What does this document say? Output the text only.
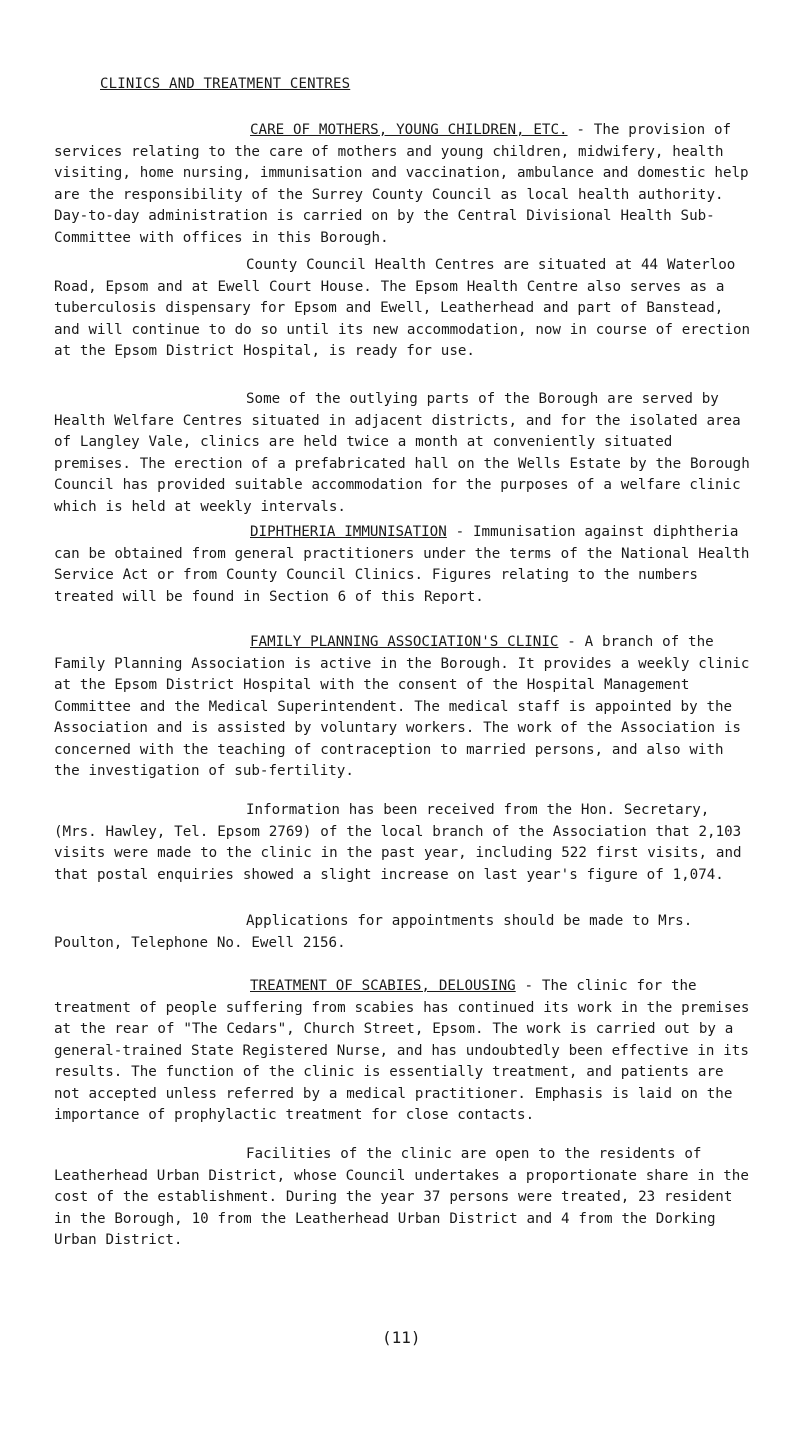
CLINICS AND TREATMENT CENTRES

CARE OF MOTHERS, YOUNG CHILDREN, ETC. - The provision of services relating to the care of mothers and young children, midwifery, health visiting, home nursing, immunisation and vaccination, ambulance and domestic help are the responsibility of the Surrey County Council as local health authority. Day-to-day administration is carried on by the Central Divisional Health Sub-Committee with offices in this Borough.

County Council Health Centres are situated at 44 Waterloo Road, Epsom and at Ewell Court House. The Epsom Health Centre also serves as a tuberculosis dispensary for Epsom and Ewell, Leatherhead and part of Banstead, and will continue to do so until its new accommodation, now in course of erection at the Epsom District Hospital, is ready for use.

Some of the outlying parts of the Borough are served by Health Welfare Centres situated in adjacent districts, and for the isolated area of Langley Vale, clinics are held twice a month at conveniently situated premises. The erection of a prefabricated hall on the Wells Estate by the Borough Council has provided suitable accommodation for the purposes of a welfare clinic which is held at weekly intervals.

DIPHTHERIA IMMUNISATION - Immunisation against diphtheria can be obtained from general practitioners under the terms of the National Health Service Act or from County Council Clinics. Figures relating to the numbers treated will be found in Section 6 of this Report.

FAMILY PLANNING ASSOCIATION'S CLINIC - A branch of the Family Planning Association is active in the Borough. It provides a weekly clinic at the Epsom District Hospital with the consent of the Hospital Management Committee and the Medical Superintendent. The medical staff is appointed by the Association and is assisted by voluntary workers. The work of the Association is concerned with the teaching of contraception to married persons, and also with the investigation of sub-fertility.

Information has been received from the Hon. Secretary, (Mrs. Hawley, Tel. Epsom 2769) of the local branch of the Association that 2,103 visits were made to the clinic in the past year, including 522 first visits, and that postal enquiries showed a slight increase on last year's figure of 1,074.

Applications for appointments should be made to Mrs. Poulton, Telephone No. Ewell 2156.

TREATMENT OF SCABIES, DELOUSING - The clinic for the treatment of people suffering from scabies has continued its work in the premises at the rear of "The Cedars", Church Street, Epsom. The work is carried out by a general-trained State Registered Nurse, and has undoubtedly been effective in its results. The function of the clinic is essentially treatment, and patients are not accepted unless referred by a medical practitioner. Emphasis is laid on the importance of prophylactic treatment for close contacts.

Facilities of the clinic are open to the residents of Leatherhead Urban District, whose Council undertakes a proportionate share in the cost of the establishment. During the year 37 persons were treated, 23 resident in the Borough, 10 from the Leatherhead Urban District and 4 from the Dorking Urban District.

(11)
